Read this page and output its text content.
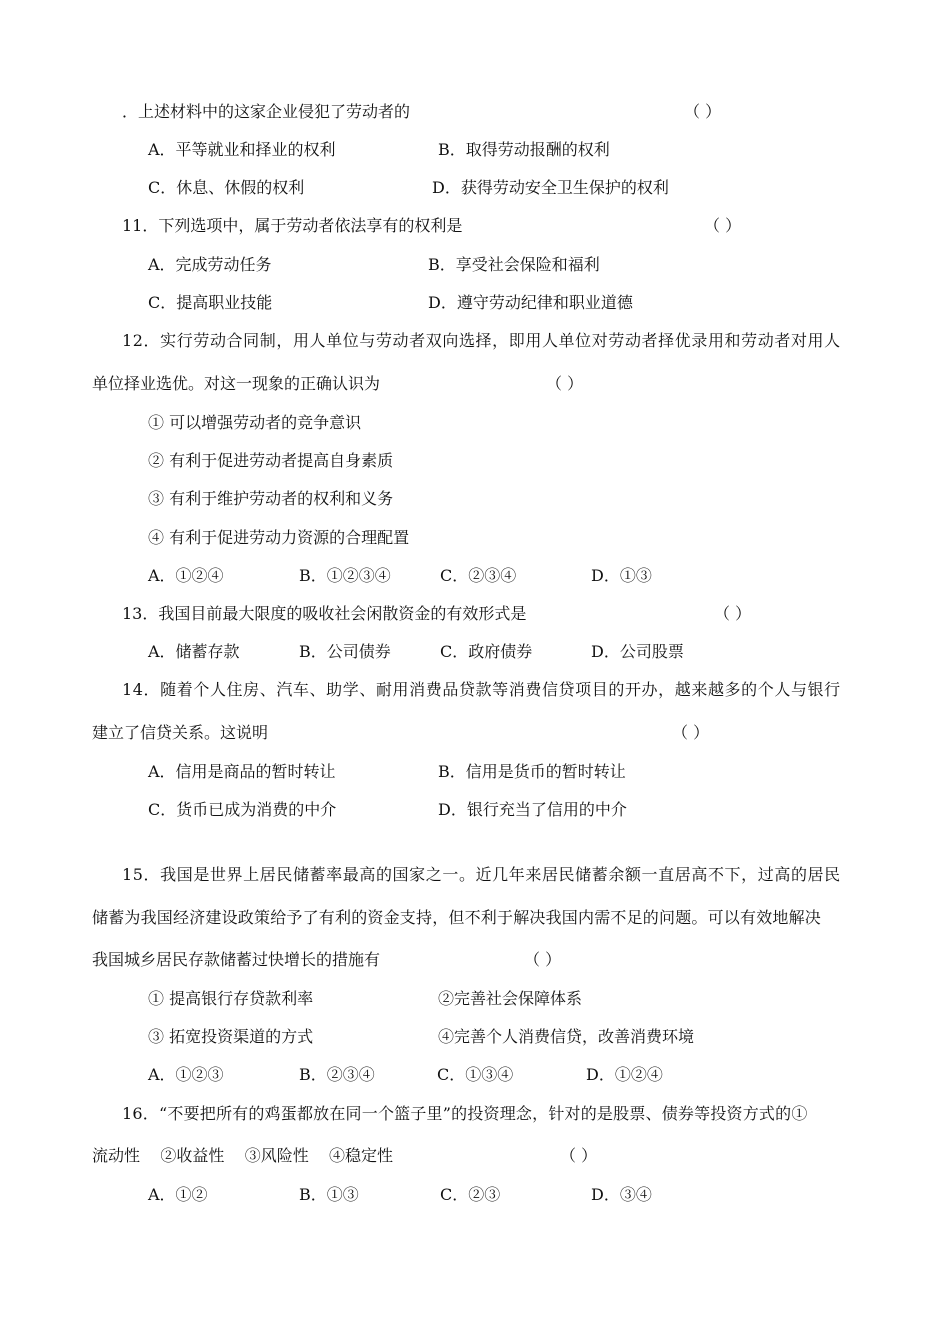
．上述材料中的这家企业侵犯了劳动者的	（ ）
A．平等就业和择业的权利	B．取得劳动报酬的权利
C．休息、休假的权利	D．获得劳动安全卫生保护的权利
11．下列选项中，属于劳动者依法享有的权利是	（ ）
A．完成劳动任务	B．享受社会保险和福利
C．提高职业技能	D．遵守劳动纪律和职业道德
12．实行劳动合同制，用人单位与劳动者双向选择，即用人单位对劳动者择优录用和劳动者对用人
单位择业选优。对这一现象的正确认识为	（ ）
① 可以增强劳动者的竞争意识
② 有利于促进劳动者提高自身素质
③ 有利于维护劳动者的权利和义务
④ 有利于促进劳动力资源的合理配置
A．①②④	B．①②③④	C．②③④	D．①③
13．我国目前最大限度的吸收社会闲散资金的有效形式是	（ ）
A．储蓄存款	B．公司债券	C．政府债券	D．公司股票
14．随着个人住房、汽车、助学、耐用消费品贷款等消费信贷项目的开办，越来越多的个人与银行
建立了信贷关系。这说明	（ ）
A．信用是商品的暂时转让	B．信用是货币的暂时转让
C．货币已成为消费的中介	D．银行充当了信用的中介
15．我国是世界上居民储蓄率最高的国家之一。近几年来居民储蓄余额一直居高不下，过高的居民
储蓄为我国经济建设政策给予了有利的资金支持，但不利于解决我国内需不足的问题。可以有效地解决
我国城乡居民存款储蓄过快增长的措施有	（ ）
① 提高银行存贷款利率	②完善社会保障体系
③ 拓宽投资渠道的方式	④完善个人消费信贷，改善消费环境
A．①②③	B．②③④	C．①③④	D．①②④
16．“不要把所有的鸡蛋都放在同一个篮子里”的投资理念，针对的是股票、债券等投资方式的①
流动性    ②收益性    ③风险性    ④稳定性	（ ）
A．①②	B．①③	C．②③	D．③④
